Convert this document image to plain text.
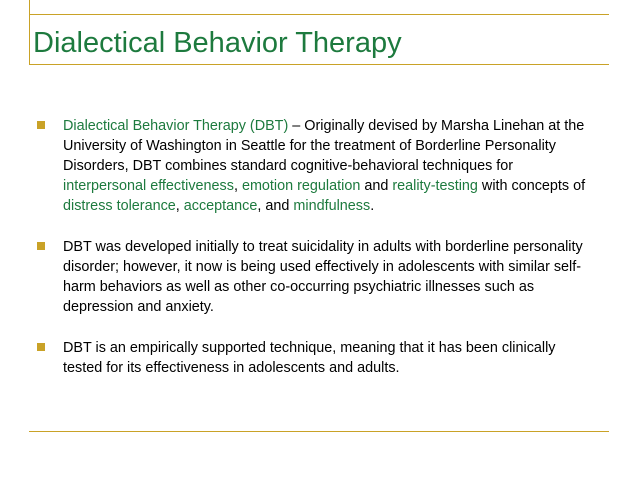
Dialectical Behavior Therapy
Dialectical Behavior Therapy (DBT) – Originally devised by Marsha Linehan at the University of Washington in Seattle for the treatment of Borderline Personality Disorders, DBT combines standard cognitive-behavioral techniques for interpersonal effectiveness, emotion regulation and reality-testing with concepts of distress tolerance, acceptance, and mindfulness.
DBT was developed initially to treat suicidality in adults with borderline personality disorder; however, it now is being used effectively in adolescents with similar self-harm behaviors as well as other co-occurring psychiatric illnesses such as depression and anxiety.
DBT is an empirically supported technique, meaning that it has been clinically tested for its effectiveness in adolescents and adults.
